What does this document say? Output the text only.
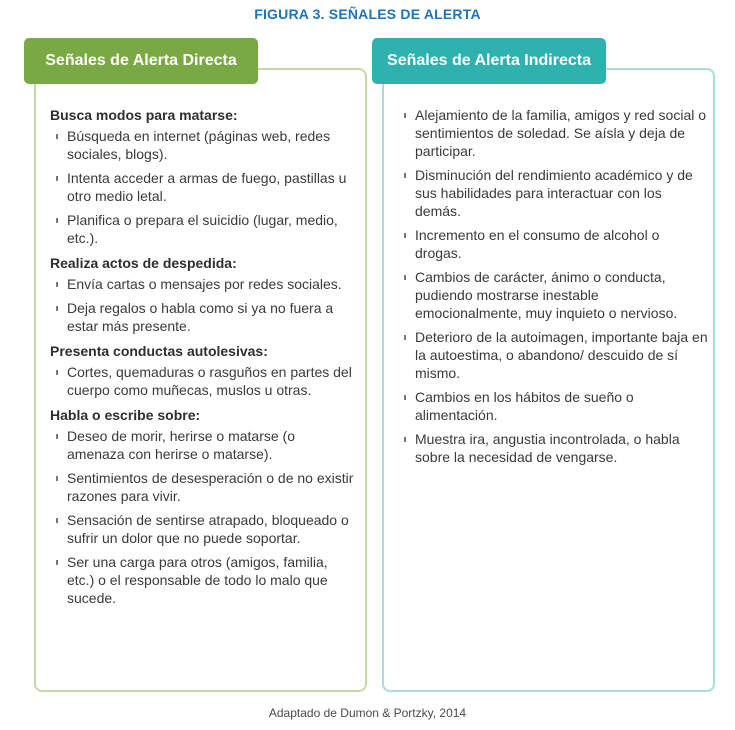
FIGURA 3. SEÑALES DE ALERTA
Señales de Alerta Directa	Señales de Alerta Indirecta

Busca modos para matarse:

Búsqueda en internet (páginas web, redes sociales, blogs).
Intenta acceder a armas de fuego, pastillas u otro medio letal.
Planifica o prepara el suicidio (lugar, medio, etc.).

Realiza actos de despedida:

Envía cartas o mensajes por redes sociales.
Deja regalos o habla como si ya no fuera a estar más presente.

Presenta conductas autolesivas:

Cortes, quemaduras o rasguños en partes del cuerpo como muñecas, muslos u otras.

Habla o escribe sobre:

Deseo de morir, herirse o matarse (o amenaza con herirse o matarse).
Sentimientos de desesperación o de no existir razones para vivir.
Sensación de sentirse atrapado, bloqueado o sufrir un dolor que no puede soportar.
Ser una carga para otros (amigos, familia, etc.) o el responsable de todo lo malo que sucede.
Alejamiento de la familia, amigos y red social o sentimientos de soledad. Se aísla y deja de participar.
Disminución del rendimiento académico y de sus habilidades para interactuar con los demás.
Incremento en el consumo de alcohol o drogas.
Cambios de carácter, ánimo o conducta, pudiendo mostrarse inestable emocionalmente, muy inquieto o nervioso.
Deterioro de la autoimagen, importante baja en la autoestima, o abandono/ descuido de sí mismo.
Cambios en los hábitos de sueño o alimentación.
Muestra ira, angustia incontrolada, o habla sobre la necesidad de vengarse.
Adaptado de Dumon & Portzky, 2014
